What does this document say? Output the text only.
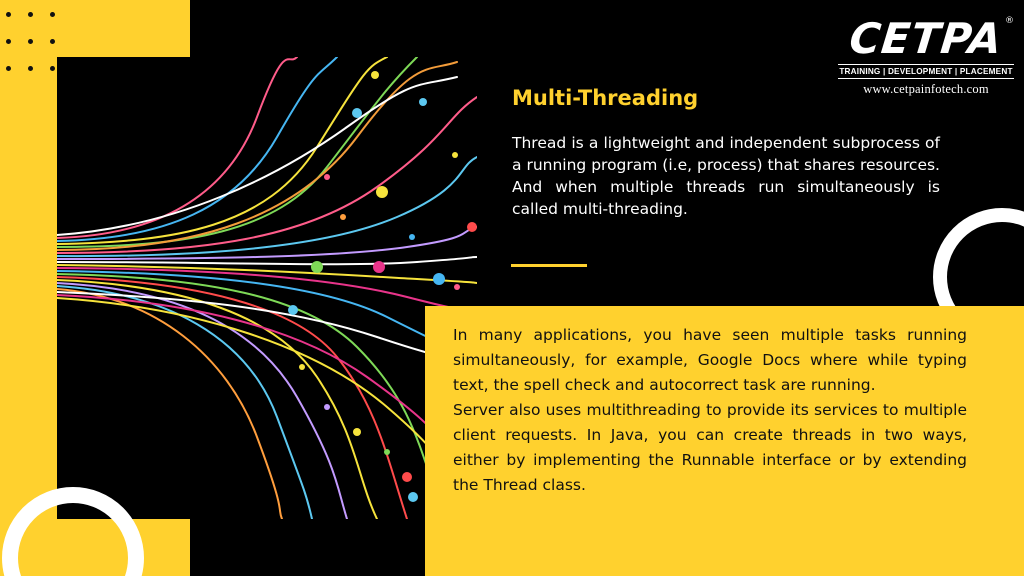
CETPA ®
TRAINING | DEVELOPMENT | PLACEMENT
www.cetpainfotech.com
Multi-Threading
Thread is a lightweight and independent subprocess of a running program (i.e, process) that shares resources. And when multiple threads run simultaneously is called multi-threading.

In many applications, you have seen multiple tasks running simultaneously, for example, Google Docs where while typing text, the spell check and autocorrect task are running.

Server also uses multithreading to provide its services to multiple client requests. In Java, you can create threads in two ways, either by implementing the Runnable interface or by extending the Thread class.
